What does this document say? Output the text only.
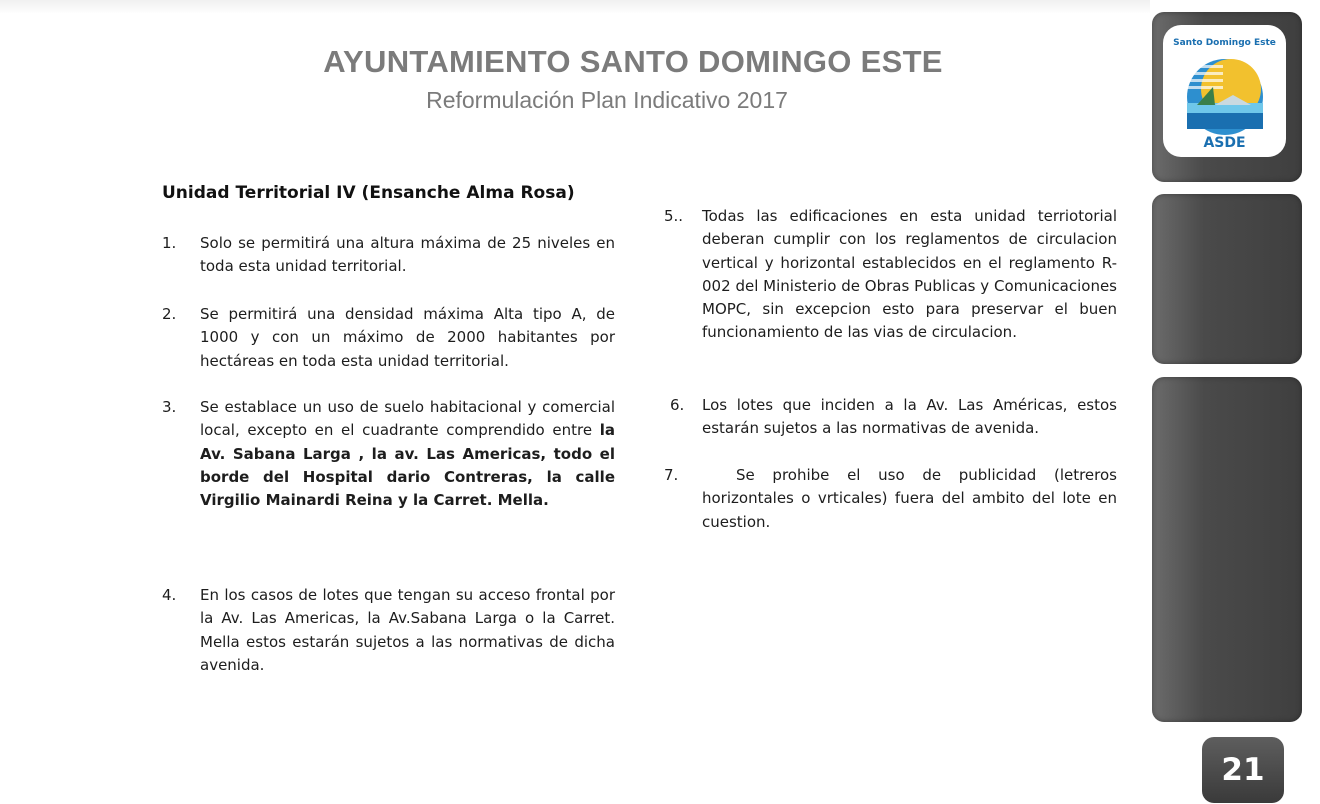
AYUNTAMIENTO SANTO DOMINGO ESTE
Reformulación Plan Indicativo 2017
Unidad Territorial IV (Ensanche Alma Rosa)
1. Solo se permitirá una altura máxima de 25 niveles en toda esta unidad territorial.
2. Se permitirá una densidad máxima Alta tipo A, de 1000 y con un máximo de 2000 habitantes por hectáreas en toda esta unidad territorial.
3. Se establace un uso de suelo habitacional y comercial local, excepto en el cuadrante comprendido entre la Av. Sabana Larga , la av. Las Americas, todo el borde del Hospital dario Contreras, la calle Virgilio Mainardi Reina y la Carret. Mella.
4. En los casos de lotes que tengan su acceso frontal por la Av. Las Americas, la Av.Sabana Larga o la Carret. Mella estos estarán sujetos a las normativas de dicha avenida.
5.. Todas las edificaciones en esta unidad terriotorial deberan cumplir con los reglamentos de circulacion vertical y horizontal establecidos en el reglamento R-002 del Ministerio de Obras Publicas y Comunicaciones MOPC, sin excepcion esto para preservar el buen funcionamiento de las vias de circulacion.
6. Los lotes que inciden a la Av. Las Américas, estos estarán sujetos a las normativas de avenida.
7.	Se prohibe el uso de publicidad (letreros horizontales o vrticales) fuera del ambito del lote en cuestion.
Santo Domingo Este
ASDE
21
